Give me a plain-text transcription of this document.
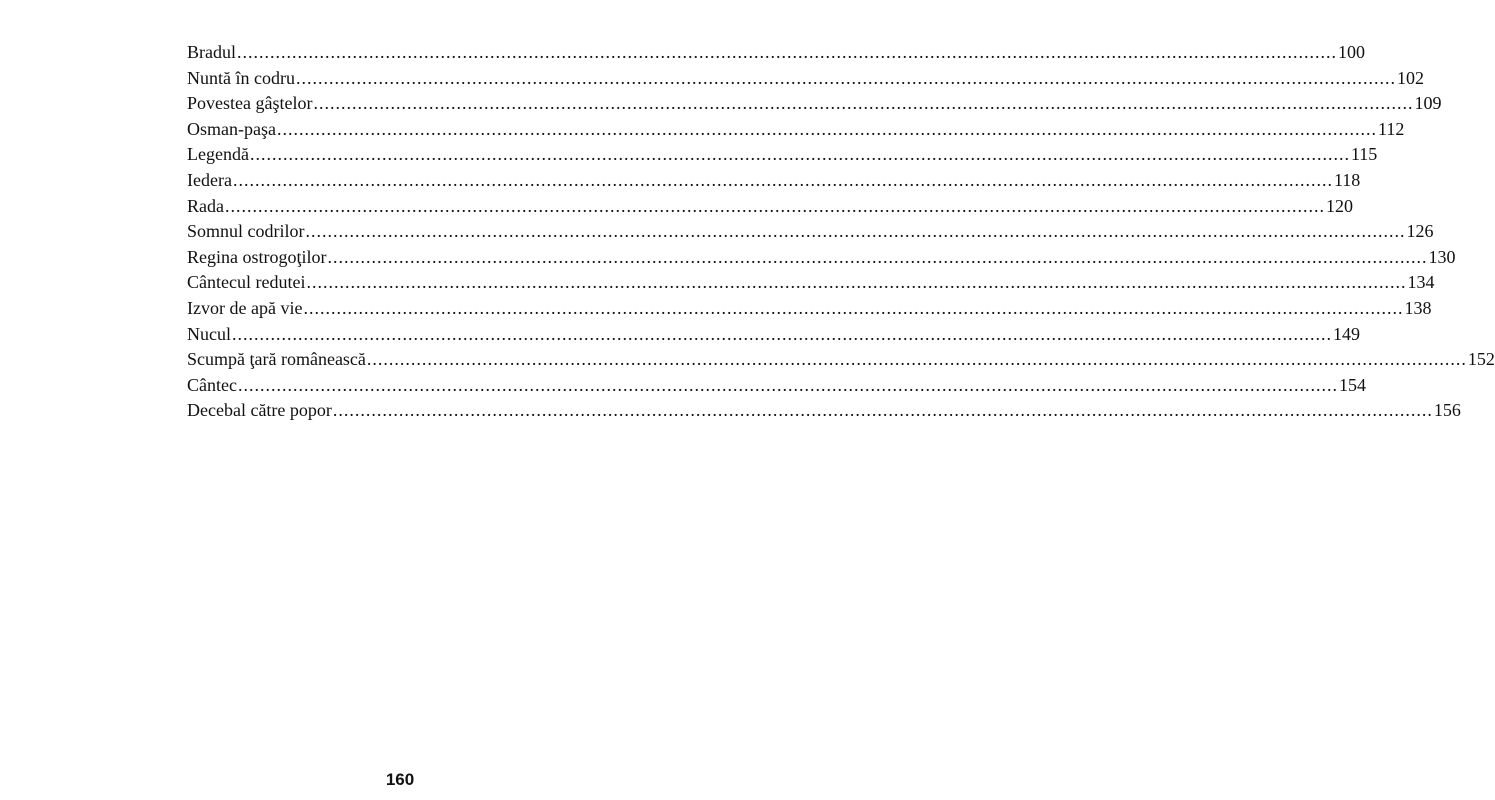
Bradul ........................................................................................................................................................................................................ 100
Nuntă în codru ........................................................................................................................................................................................................ 102
Povestea gâştelor ........................................................................................................................................................................................................ 109
Osman-paşa ........................................................................................................................................................................................................ 112
Legendă ........................................................................................................................................................................................................ 115
Iedera ........................................................................................................................................................................................................ 118
Rada ........................................................................................................................................................................................................ 120
Somnul codrilor ........................................................................................................................................................................................................ 126
Regina ostrogoţilor ........................................................................................................................................................................................................ 130
Cântecul redutei ........................................................................................................................................................................................................ 134
Izvor de apă vie ........................................................................................................................................................................................................ 138
Nucul ........................................................................................................................................................................................................ 149
Scumpă ţară românească ........................................................................................................................................................................................................ 152
Cântec ........................................................................................................................................................................................................ 154
Decebal către popor ........................................................................................................................................................................................................ 156
160
